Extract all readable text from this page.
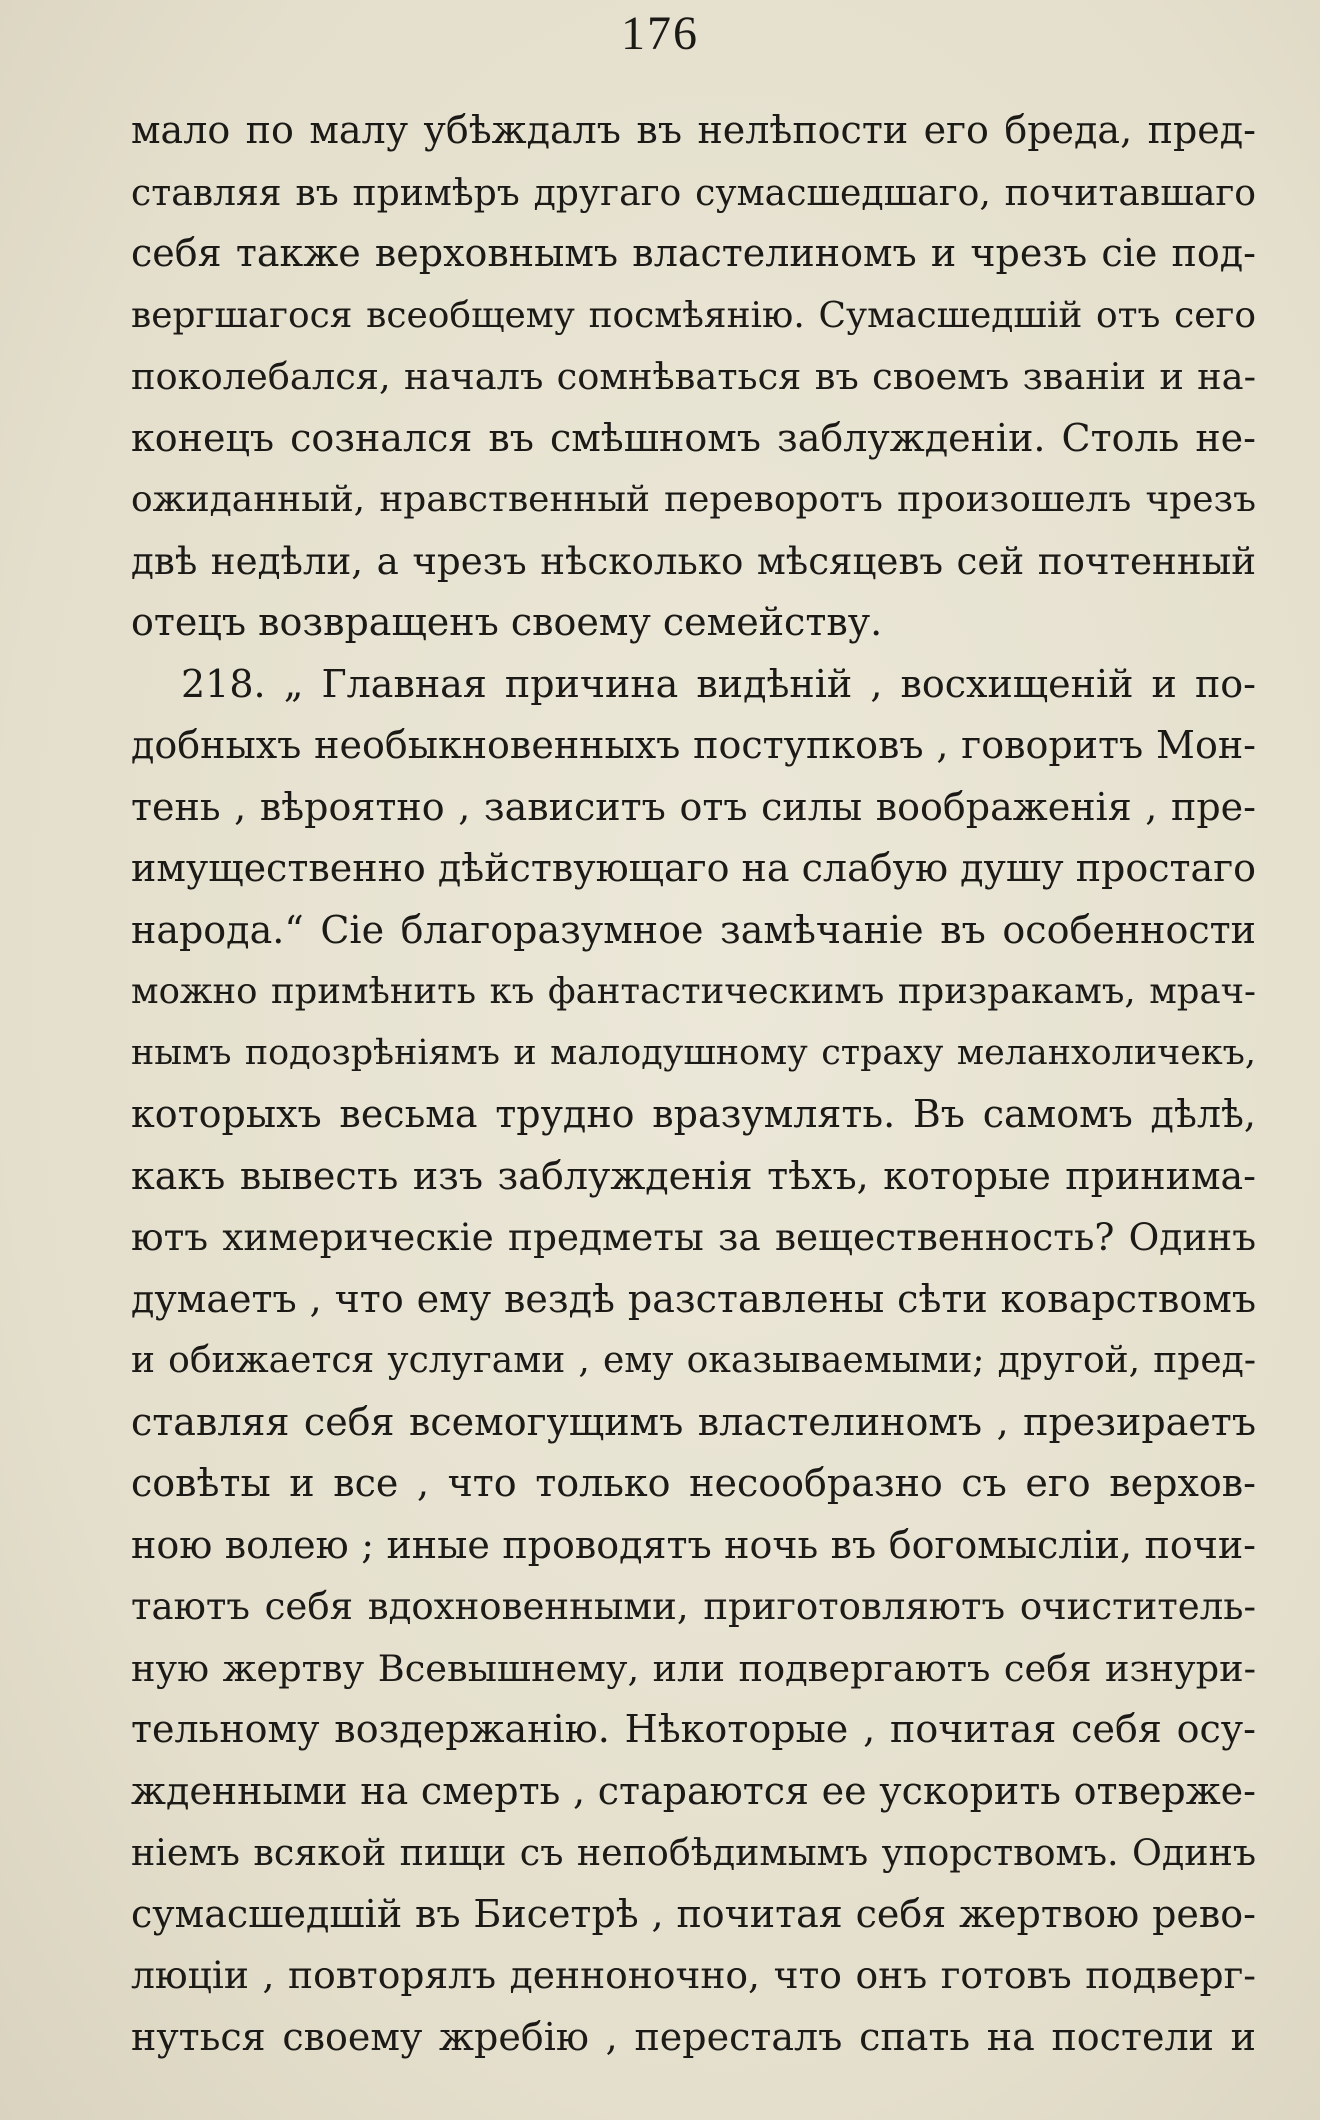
176
мало по малу убѣждалъ въ нелѣпости его бреда, пред-
ставляя въ примѣръ другаго сумасшедшаго, почитавшаго
себя также верховнымъ властелиномъ и чрезъ сіе под-
вергшагося всеобщему посмѣянію. Сумасшедшій отъ сего
поколебался, началъ сомнѣваться въ своемъ званіи и на-
конецъ сознался въ смѣшномъ заблужденіи. Столь не-
ожиданный, нравственный переворотъ произошелъ чрезъ
двѣ недѣли, а чрезъ нѣсколько мѣсяцевъ сей почтенный
отецъ возвращенъ своему семейству.
218. „ Главная причина видѣній , восхищеній и по-
добныхъ необыкновенныхъ поступковъ , говоритъ Мон-
тень , вѣроятно , зависитъ отъ силы воображенія , пре-
имущественно дѣйствующаго на слабую душу простаго
народа.“ Сіе благоразумное замѣчаніе въ особенности
можно примѣнить къ фантастическимъ призракамъ, мрач-
нымъ подозрѣніямъ и малодушному страху меланхоличекъ,
которыхъ весьма трудно вразумлять. Въ самомъ дѣлѣ,
какъ вывесть изъ заблужденія тѣхъ, которые принима-
ютъ химерическіе предметы за вещественность? Одинъ
думаетъ , что ему вездѣ разставлены сѣти коварствомъ
и обижается услугами , ему оказываемыми; другой, пред-
ставляя себя всемогущимъ властелиномъ , презираетъ
совѣты и все , что только несообразно съ его верхов-
ною волею ; иные проводятъ ночь въ богомысліи, почи-
таютъ себя вдохновенными, приготовляютъ очиститель-
ную жертву Всевышнему, или подвергаютъ себя изнури-
тельному воздержанію. Нѣкоторые , почитая себя осу-
жденными на смерть , стараются ее ускорить отверже-
ніемъ всякой пищи съ непобѣдимымъ упорствомъ. Одинъ
сумасшедшій въ Бисетрѣ , почитая себя жертвою рево-
люціи , повторялъ денноночно, что онъ готовъ подверг-
нуться своему жребію , пересталъ спать на постели и
